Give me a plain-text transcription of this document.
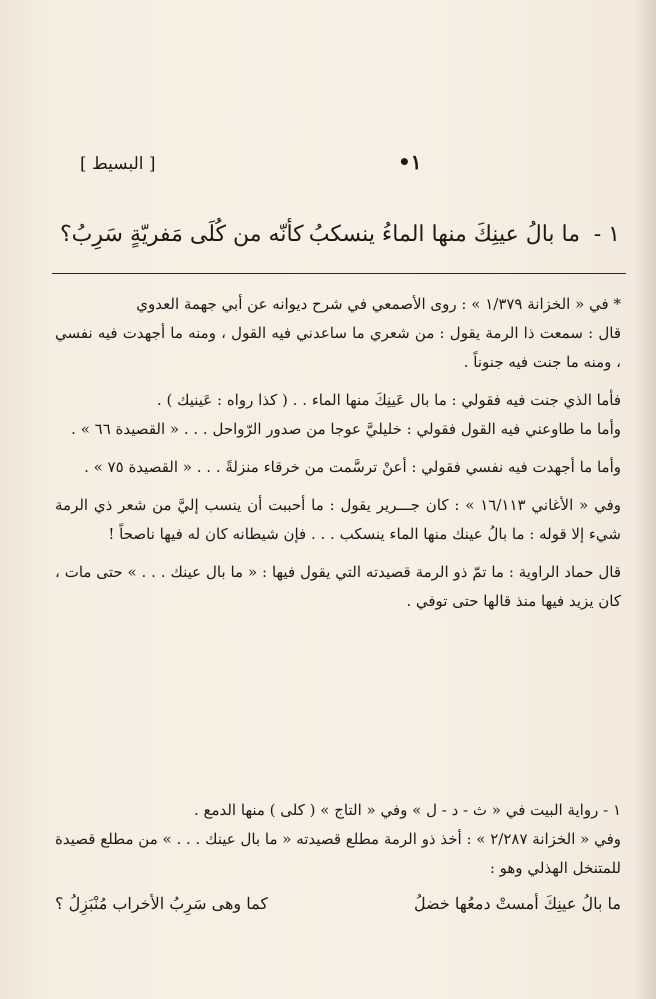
[ البسيط ]	١•
١ -
ما بالُ عينِكَ منها الماءُ ينسكبُ
كأنّه من كُلَى مَفريّةٍ سَرِبُ؟

* في « الخزانة ١/٣٧٩ » : روى الأصمعي في شرح ديوانه عن أبي جهمة العدوي

قال : سمعت ذا الرمة يقول : من شعري ما ساعدني فيه القول ، ومنه ما أجهدت فيه نفسي ، ومنه ما جنت فيه جنوناً .

فأما الذي جنت فيه فقولي : ما بال عَينِكَ منها الماء . . ( كذا رواه : عَينيك ) .

وأما ما طاوعني فيه القول فقولي : خليليَّ عوجا من صدور الرّواحل . . . « القصيدة ٦٦ » .

وأما ما أجهدت فيه نفسي فقولي : أعنْ ترسَّمت من خرقاء منزلةً . . . « القصيدة ٧٥ » .

وفي « الأغاني ١٦/١١٣ » : كان جـــرير يقول : ما أحببت أن ينسب إليَّ من شعر ذي الرمة شيء إلا قوله : ما بالُ عينك منها الماء ينسكب . . . فإن شيطانه كان له فيها ناصحاً !

قال حماد الراوية : ما تمّ ذو الرمة قصيدته التي يقول فيها : « ما بال عينك . . . » حتى مات ، كان يزيد فيها منذ قالها حتى توفي .

١ - رواية البيت في « ث - د - ل » وفي « التاج » ( كلى ) منها الدمع .

وفي « الخزانة ٢/٢٨٧ » : أخذ ذو الرمة مطلع قصيدته « ما بال عينك . . . » من مطلع قصيدة للمتنخل الهذلي وهو :

ما بالُ عينِكَ أمستْ دمعُها خضلُ
كما وهى سَرِبُ الأخراب مُنْبَزِلُ ؟
